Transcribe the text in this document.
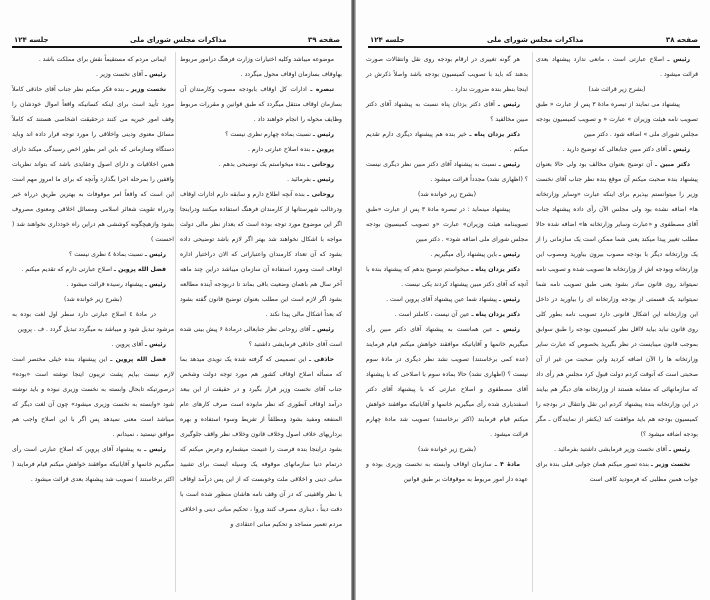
صفحه ۳۹
مذاکرات مجلس شورای ملی
جلسه ۱۲۴

موضوعه میباشد وکلیه اختیارات وزارت فرهنگ درامور مربوط بهاوقاف بسازمان اوقاف محول میگردد .

تبصره ـ ادارات کل اوقاف بابودجه مصوب وکارمندان آن بسازمان اوقاف منتقل میگردد که طبق قوانین و مقررات مربوط وظایف محوله را انجام خواهند داد .

رئیس ـ نسبت بماده چهارم نظری نیست ؟

پروین ـ بنده اصلاح عبارتی دارم .

روحانی ـ بنده میخواستم یک توضیحی بدهم .

رئیس ـ بفرمائید .

روحانی ـ بنده آنچه اطلاع دارم و سابقه دارم ادارات اوقاف ودرغالب شهرستانها از کارمندان فرهنگ استفاده میکنند ودراینجا اگر این موضوع مورد توجه بوده است که بعداز نظر مالی دولت مواجه با اشکال نخواهند شد بهتر اگر لازم باشد توضیحی داده بشود که آن تعداد کارمندان واعتباراتی که الان دراختیار اداره اوقاف است ومورد استفاده آن سازمان میباشد دراین چند ماهه آخر سال هم باهمان وضعیت باقی بماند تا دربودجه آینده مطالعه بشود اگر لازم است این مطلب بعنوان توضیح قانون گفته بشود که بعداً اشکال مالی پیدا نکند .

رئیس ـ آقای روحانی نظر جنابعالی درمادهٔ ۶ پیش بینی شده است آقای حاذقی فرمایشی داشتید ؟

حاذقی ـ این تصمیمی که گرفته شده یک نویدی میدهد بما که مسأله اصلاح اوقاف کشور هم مورد توجه دولت وشخص جناب آقای نخست وزیر قرار بگیرد و در حقیقت از این ببعد درآمد اوقاف آنطوری که نظر مابوده است صرف کارهای عام المنفعه ومفید بشود ومطلقاً از تفریط وسوء استفاده و بهره برداریهای خلاف اصول وخلاف قانون وخلاف نظر واقف جلوگیری بشود دراینجا بنده فرصت را غنیمت میشمارم وعرض میکنم که درتمام دنیا سازمانهای موقوفه یک وسیله ایست برای تشیید مبانی دینی و اخلاقی ملت وخوبست که از این پس درآمد اوقاف با نظر واقفینی که در آن وقف نامه هاشان منظور شده است با دقت دیناً ، دیناری مصرف کنند وروا ، تحکیم مبانی دینی و اخلاقی مردم تعمیر مساجد و تحکیم مبانی اعتقادی و

ایمانی مردم که مستقیماً نقش برای مملکت باشد .

رئیس ـ آقای نخست وزیر .

نخست وزیر ـ بنده فکر میکنم نظر جناب آقای حاذقی کاملاً مورد تأیید است برای اینکه کسانیکه واقعاً اموال خودشان را وقف امور خیریه می کنند درحقیقت اشخاصی هستند که کاملاً مسائل معنوی ودینی واخلاقی را مورد توجه قرار داده اند وباید دستگاه وسازمانی که باین امر بطور اخص رسیدگی میکند دارای همین اخلاقیات و دارای اصول وعقایدی باشد که بتواند نظریات واقفین را بمرحله اجرا بگذارد وآنچه که برای ما امروز مهم است این است که واقعاً امر موقوفات به بهترین طریق درراه خیر ودرراه تقویت شعائر اسلامی ومسائل اخلاقی ومعنوی مصروف بشود وازهیچگونه کوششی هم دراین راه خودداری نخواهند شد ( احسنت )

رئیس ـ نسبت بمادهٔ ٤ نظری نیست ؟

فضل الله پروین ـ اصلاح عبارتی دارم که تقدیم میکنم .

رئیس ـ پیشنهاد رسیده قرائت میشود .

(بشرح زیر خوانده شد)

در مادهٔ ٤ اصلاح عبارتی دارد سطر اول لغت بوده به مرشود تبدیل شود و میباشد به میگردد تبدیل گردد . ف . پروین

رئیس ـ آقای پروین .

فضل الله پروین ـ این پیشنهاد بنده خیلی مختصر است لازم نیست بیایم پشت تریبون اینجا نوشته است «بوده» درصورتیکه تابحال وابسته به نخست وزیری نبوده و باید نوشته شود «وابسته به نخست وزیری میشود» چون آن لغت دیگر که میباشد است معنی نمیدهد پس اگر با این اصلاح واجب هم موافق نیستید ، نمیدانم .

رئیس ـ به پیشنهاد آقای پروین که اصلاح عبارتی است رأی میگیریم خانمها و آقایانیکه موافقند خواهش میکنم قیام فرمایند ( اکثر برخاستند ) تصویب شد پیشنهاد بعدی قرائت میشود .

صفحه ۳۸
مذاکرات مجلس شورای ملی
جلسه ۱۲۴

رئیس ـ اصلاح عبارتی است ، مانعی ندارد پیشنهاد بعدی قرائت میشود .

(بشرح زیر قرائت شد)

پیشنهاد می نمایند از تبصره مادهٔ ۳ پس از عبارت « طبق تصویب نامه هیئت وزیران » عبارت « و تصویب کمیسیون بودجه مجلس شورای ملی » اضافه شود . دکتر مبین

رئیس ـ آقای دکتر مبین جنابعالی که توضیح دارید .

دکتر مبین ـ آن توضیح بعنوان مخالف بود ولی حالا بعنوان پیشنهاد بنده صحبت میکنم آن موقع بنده نظر جناب آقای نخست وزیر را میتوانستم بپذیرم برای اینکه عبارت «وسایر وزارتخانه ها» اضافه نشده بود ولی مجلس الآن رأی داده پیشنهاد جناب آقای مصطفوی و «عبارت وسایر وزارتخانه ها» اضافه شده حالا مطلب تغییر پیدا میکند یعنی شما ممکن است یک سازمانی را از یک وزارتخانه دیگر با بودجه مصوب بیرون بیاورید ومصوب این وزارتخانه وبودجه اش از وزارتخانه ها تصویب شده و تصویب نامه نمیتواند روی قانون صادر بشود یعنی طبق تصویب نامه شما نمیتوانید یک قسمتی از بودجه وزارتخانه ای را بیاورید در داخل این وزارتخانه این اشکال قانونی دارد تصویب نامه بطور کلی روی قانون نباید بیاید لااقل نظر کمیسیون بودجه را طبق سوابق بموجب قانون میبایست در نظر بگیرید بخصوص که عبارت سایر وزارتخانه ها را الآن اضافه کردید واین صحبت من غیر از آن صحبتی است که آنوقت کردم دولت قبول کرد مجلس هم رأی داد که سازمانهائی که مشابه هستند از وزارتخانه های دیگر هم بیایند در این وزارتخانه بنده پیشنهاد کردم این نقل وانتقال در بودجه را کمیسیون بودجه هم باید موافقت کند (یکنفر از نمایندگان ـ مگر بودجه اضافه میشود ؟)

رئیس ـ آقای نخست وزیر فرمایشی داشتید بفرمائید .

نخست وزیر ـ بنده تصور میکنم همان جوابی قبلی بنده برای جواب همین مطلبی که فرمودید کافی است

هر گونه تغییری در ارقام بودجه روی نقل وانتقالات صورت بدهند که باید با تصویب کمیسیون بودجه باشد واصلاً ذکرش در اینجا بنظر بنده ضرورت ندارد .

رئیس ـ آقای دکتر یزدان پناه نسبت به پیشنهاد آقای دکتر مبین مخالفید ؟

دکتر یزدان پناه ـ خیر بنده هم پیشنهاد دیگری دارم تقدیم میکنم .

رئیس ـ نسبت به پیشنهاد آقای دکتر مبین نظر دیگری نیست ؟ (اظهاری نشد) مجدداً قرائت میشود .

(بشرح زیر خوانده شد)

پیشنهاد مینماید : در تبصره مادهٔ ۳ پس از عبارت «طبق تصویبنامه هیئت وزیران» عبارت «و تصویب کمیسیون بودجه مجلس شورای ملی اضافه شود» . دکتر مبین

رئیس ـ باین پیشنهاد رأی میگیریم .

دکتر یزدان پناه ـ میخواستم توضیح بدهم که پیشنهاد بنده با آنچه که آقای دکتر مبین پیشنهاد کردند یکی نیست .

رئیس ـ پیشنهاد شما عین پیشنهاد آقای پروین است .

دکتر یزدان پناه ـ عین آن نیست ، کاملتر است .

رئیس ـ عین همانست به پیشنهاد آقای دکتر مبین رأی میگیریم خانمها و آقایانیکه موافقند خواهش میکنم قیام فرمایند (عده کمی برخاستند) تصویب نشد نظر دیگری در مادهٔ سوم نیست ؟ (اظهاری نشد) حالا بماده سوم با اصلاحی که با پیشنهاد آقای مصطفوی و اصلاح عبارتی که با پیشنهاد آقای دکتر اسفندیاری شده رأی میگیریم خانمها و آقایانیکه موافقند خواهش میکنم قیام فرمایند (اکثر برخاستند) تصویب شد مادهٔ چهارم قرائت میشود .

(بشرح زیر خوانده شد)

مادهٔ ۴ ـ سازمان اوقاف وابسته به نخست وزیری بوده و عهده دار امور مربوط به موقوفات بر طبق قوانین
